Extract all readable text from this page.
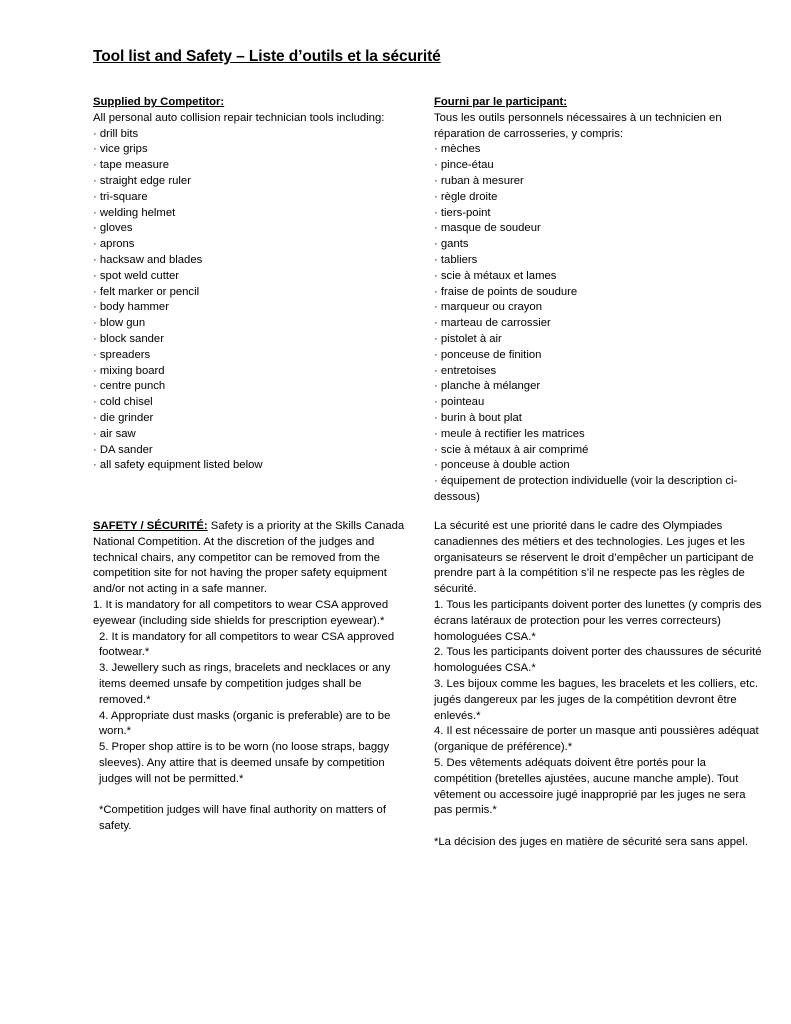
Tool list and Safety – Liste d’outils et la sécurité
Supplied by Competitor:
All personal auto collision repair technician tools including:
· drill bits
· vice grips
· tape measure
· straight edge ruler
· tri-square
· welding helmet
· gloves
· aprons
· hacksaw and blades
· spot weld cutter
· felt marker or pencil
· body hammer
· blow gun
· block sander
· spreaders
· mixing board
· centre punch
· cold chisel
· die grinder
· air saw
· DA sander
· all safety equipment listed below
Fourni par le participant:
Tous les outils personnels nécessaires à un technicien en réparation de carrosseries, y compris:
· mèches
· pince-étau
· ruban à mesurer
· règle droite
· tiers-point
· masque de soudeur
· gants
· tabliers
· scie à métaux et lames
· fraise de points de soudure
· marqueur ou crayon
· marteau de carrossier
· pistolet à air
· ponceuse de finition
· entretoises
· planche à mélanger
· pointeau
· burin à bout plat
· meule à rectifier les matrices
· scie à métaux à air comprimé
· ponceuse à double action
· équipement de protection individuelle (voir la description ci-dessous)
SAFETY / SÉCURITÉ: Safety is a priority at the Skills Canada National Competition. At the discretion of the judges and technical chairs, any competitor can be removed from the competition site for not having the proper safety equipment and/or not acting in a safe manner.
1. It is mandatory for all competitors to wear CSA approved eyewear (including side shields for prescription eyewear).*
2. It is mandatory for all competitors to wear CSA approved footwear.*
3. Jewellery such as rings, bracelets and necklaces or any items deemed unsafe by competition judges shall be removed.*
4. Appropriate dust masks (organic is preferable) are to be worn.*
5. Proper shop attire is to be worn (no loose straps, baggy sleeves). Any attire that is deemed unsafe by competition judges will not be permitted.*
*Competition judges will have final authority on matters of safety.
La sécurité est une priorité dans le cadre des Olympiades canadiennes des métiers et des technologies. Les juges et les organisateurs se réservent le droit d’empêcher un participant de prendre part à la compétition s’il ne respecte pas les règles de sécurité.
1. Tous les participants doivent porter des lunettes (y compris des écrans latéraux de protection pour les verres correcteurs) homologuées CSA.*
2. Tous les participants doivent porter des chaussures de sécurité homologuées CSA.*
3. Les bijoux comme les bagues, les bracelets et les colliers, etc. jugés dangereux par les juges de la compétition devront être enlevés.*
4. Il est nécessaire de porter un masque anti poussières adéquat (organique de préférence).*
5. Des vêtements adéquats doivent être portés pour la compétition (bretelles ajustées, aucune manche ample). Tout vêtement ou accessoire jugé inapproprié par les juges ne sera pas permis.*
*La décision des juges en matière de sécurité sera sans appel.
